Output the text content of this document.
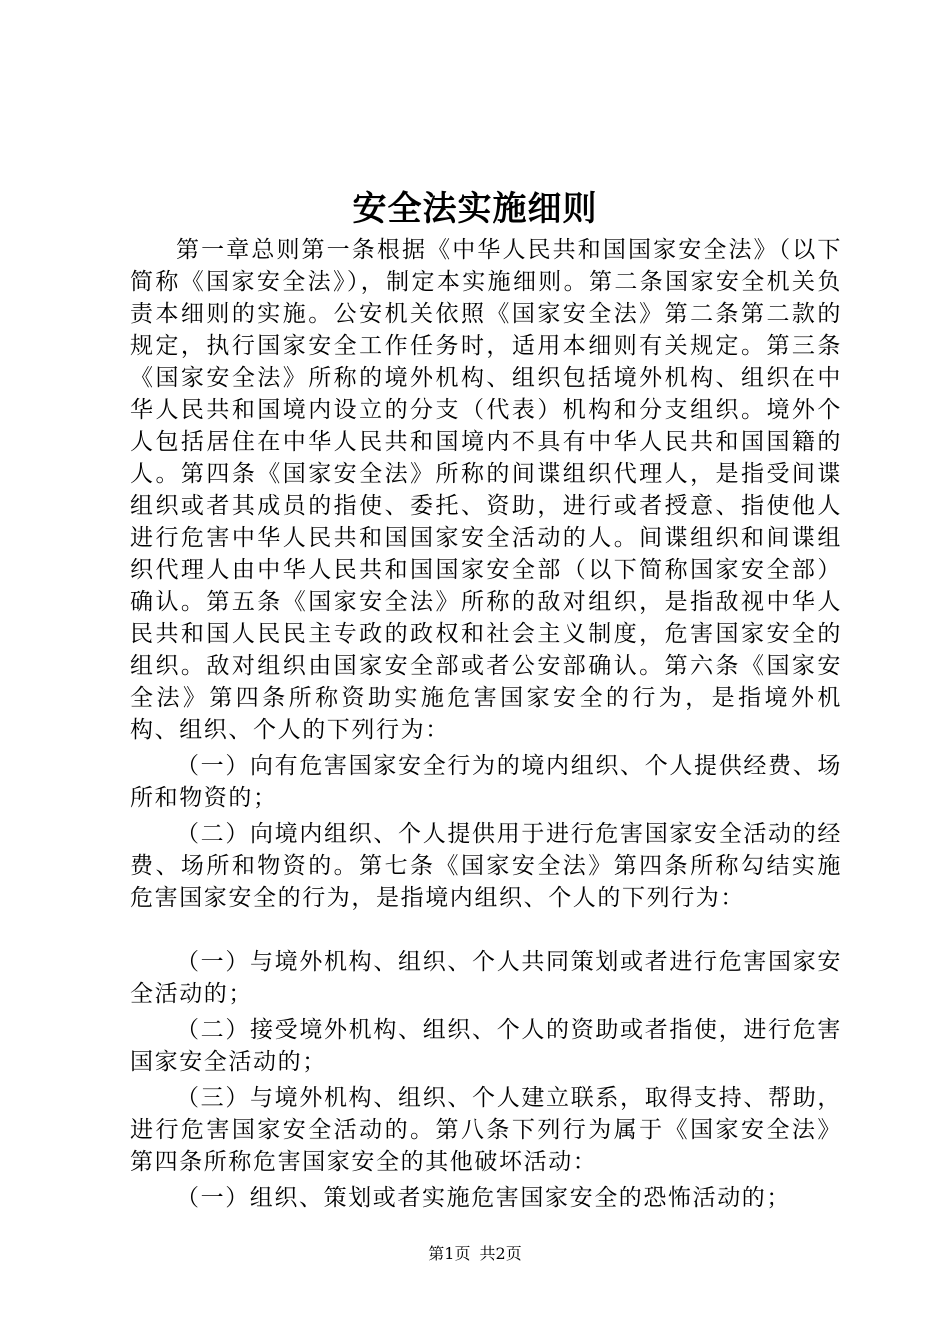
安全法实施细则

第一章总则第一条根据《中华人民共和国国家安全法》（以下简称《国家安全法》），制定本实施细则。第二条国家安全机关负责本细则的实施。公安机关依照《国家安全法》第二条第二款的规定，执行国家安全工作任务时，适用本细则有关规定。第三条《国家安全法》所称的境外机构、组织包括境外机构、组织在中华人民共和国境内设立的分支（代表）机构和分支组织。境外个人包括居住在中华人民共和国境内不具有中华人民共和国国籍的人。第四条《国家安全法》所称的间谍组织代理人，是指受间谍组织或者其成员的指使、委托、资助，进行或者授意、指使他人进行危害中华人民共和国国家安全活动的人。间谍组织和间谍组织代理人由中华人民共和国国家安全部（以下简称国家安全部）确认。第五条《国家安全法》所称的敌对组织，是指敌视中华人民共和国人民民主专政的政权和社会主义制度，危害国家安全的组织。敌对组织由国家安全部或者公安部确认。第六条《国家安全法》第四条所称资助实施危害国家安全的行为，是指境外机构、组织、个人的下列行为：

（一）向有危害国家安全行为的境内组织、个人提供经费、场所和物资的；

（二）向境内组织、个人提供用于进行危害国家安全活动的经费、场所和物资的。第七条《国家安全法》第四条所称勾结实施危害国家安全的行为，是指境内组织、个人的下列行为：

（一）与境外机构、组织、个人共同策划或者进行危害国家安全活动的；

（二）接受境外机构、组织、个人的资助或者指使，进行危害国家安全活动的；

（三）与境外机构、组织、个人建立联系，取得支持、帮助，进行危害国家安全活动的。第八条下列行为属于《国家安全法》第四条所称危害国家安全的其他破坏活动：

（一）组织、策划或者实施危害国家安全的恐怖活动的；

第1页 共2页
